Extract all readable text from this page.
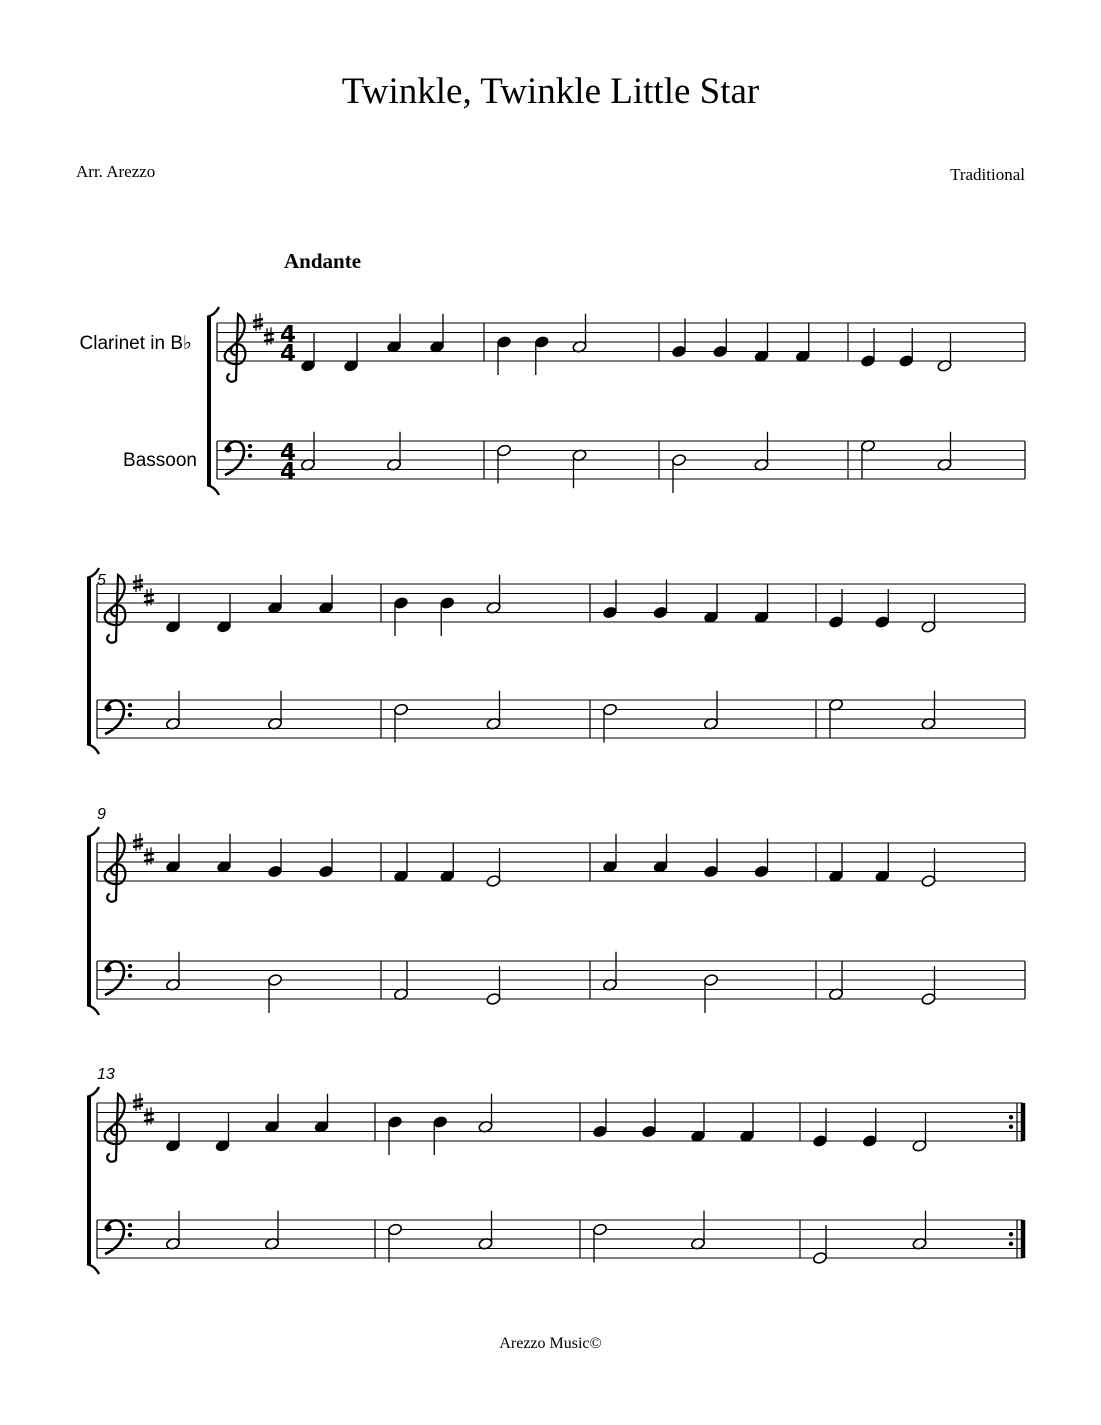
Twinkle, Twinkle Little Star
Arr. Arezzo	Traditional
Andante
Clarinet in B♭
Bassoon
5
9
13
Arezzo Music©
4
4
4
4
